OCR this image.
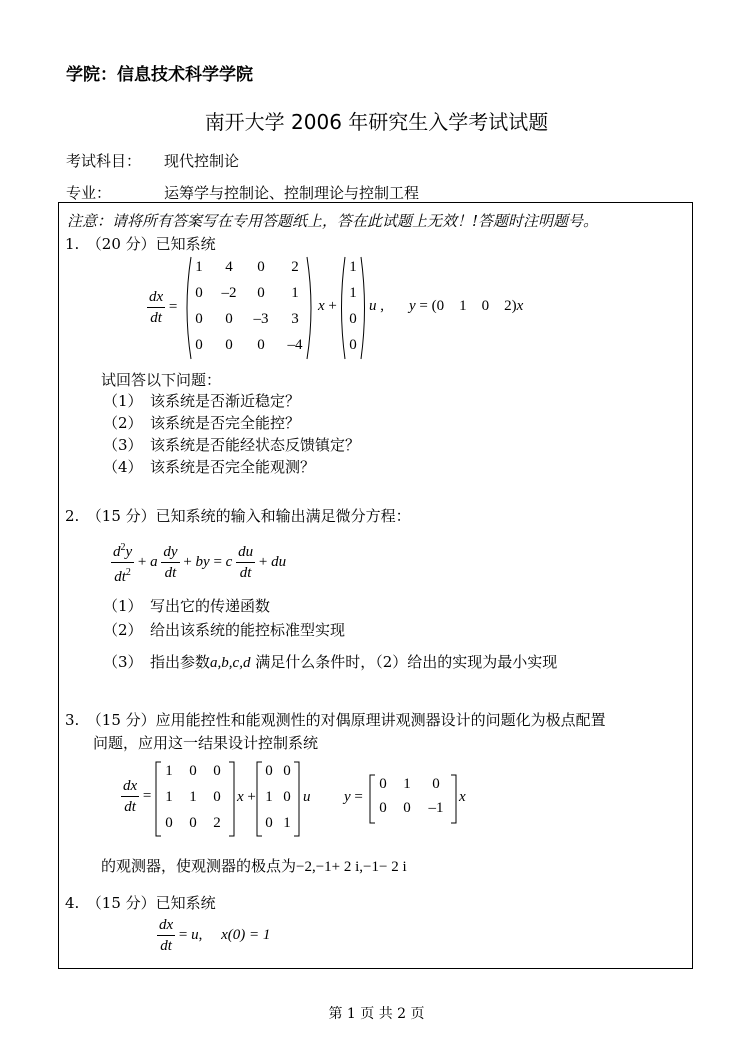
学院：信息技术科学学院
南开大学 2006 年研究生入学考试试题
考试科目： 现代控制论
专业：	运筹学与控制论、控制理论与控制工程
注意：请将所有答案写在专用答题纸上，答在此试题上无效！!答题时注明题号。
1.　（20 分）已知系统
$\frac{dx}{dt}$ =
1	4	0	2
0	–2	0	1
0	0	–3	3
0	0	0	–4
x +
1
1
0
0
u , y = (0  1  0  2)x
试回答以下问题：
（1）　该系统是否渐近稳定？
（2）　该系统是否完全能控？
（3）　该系统是否能经状态反馈镇定？
（4）　该系统是否完全能观测？
2.　（15 分）已知系统的输入和输出满足微分方程：
$\frac{d^2y}{dt^2} + a \frac{dy}{dt}$ + by = c $\frac{du}{dt}$ + du
（1）　写出它的传递函数
（2）　给出该系统的能控标准型实现
（3）　指出参数a,b,c,d 满足什么条件时，（2）给出的实现为最小实现
3.　（15 分）应用能控性和能观测性的对偶原理讲观测器设计的问题化为极点配置
问题，应用这一结果设计控制系统
$\frac{dx}{dt}$ =
1	0	0
1	1	0
0	0	2
x +
0 0
1 0
0 1
u y =
0	1	0
0	0	–1
x
的观测器，使观测器的极点为−2,−1+ 2 i,−1− 2 i
4.　（15 分）已知系统
$\frac{dx}{dt} = u$,  x(0) = 1
第 1 页 共 2 页
